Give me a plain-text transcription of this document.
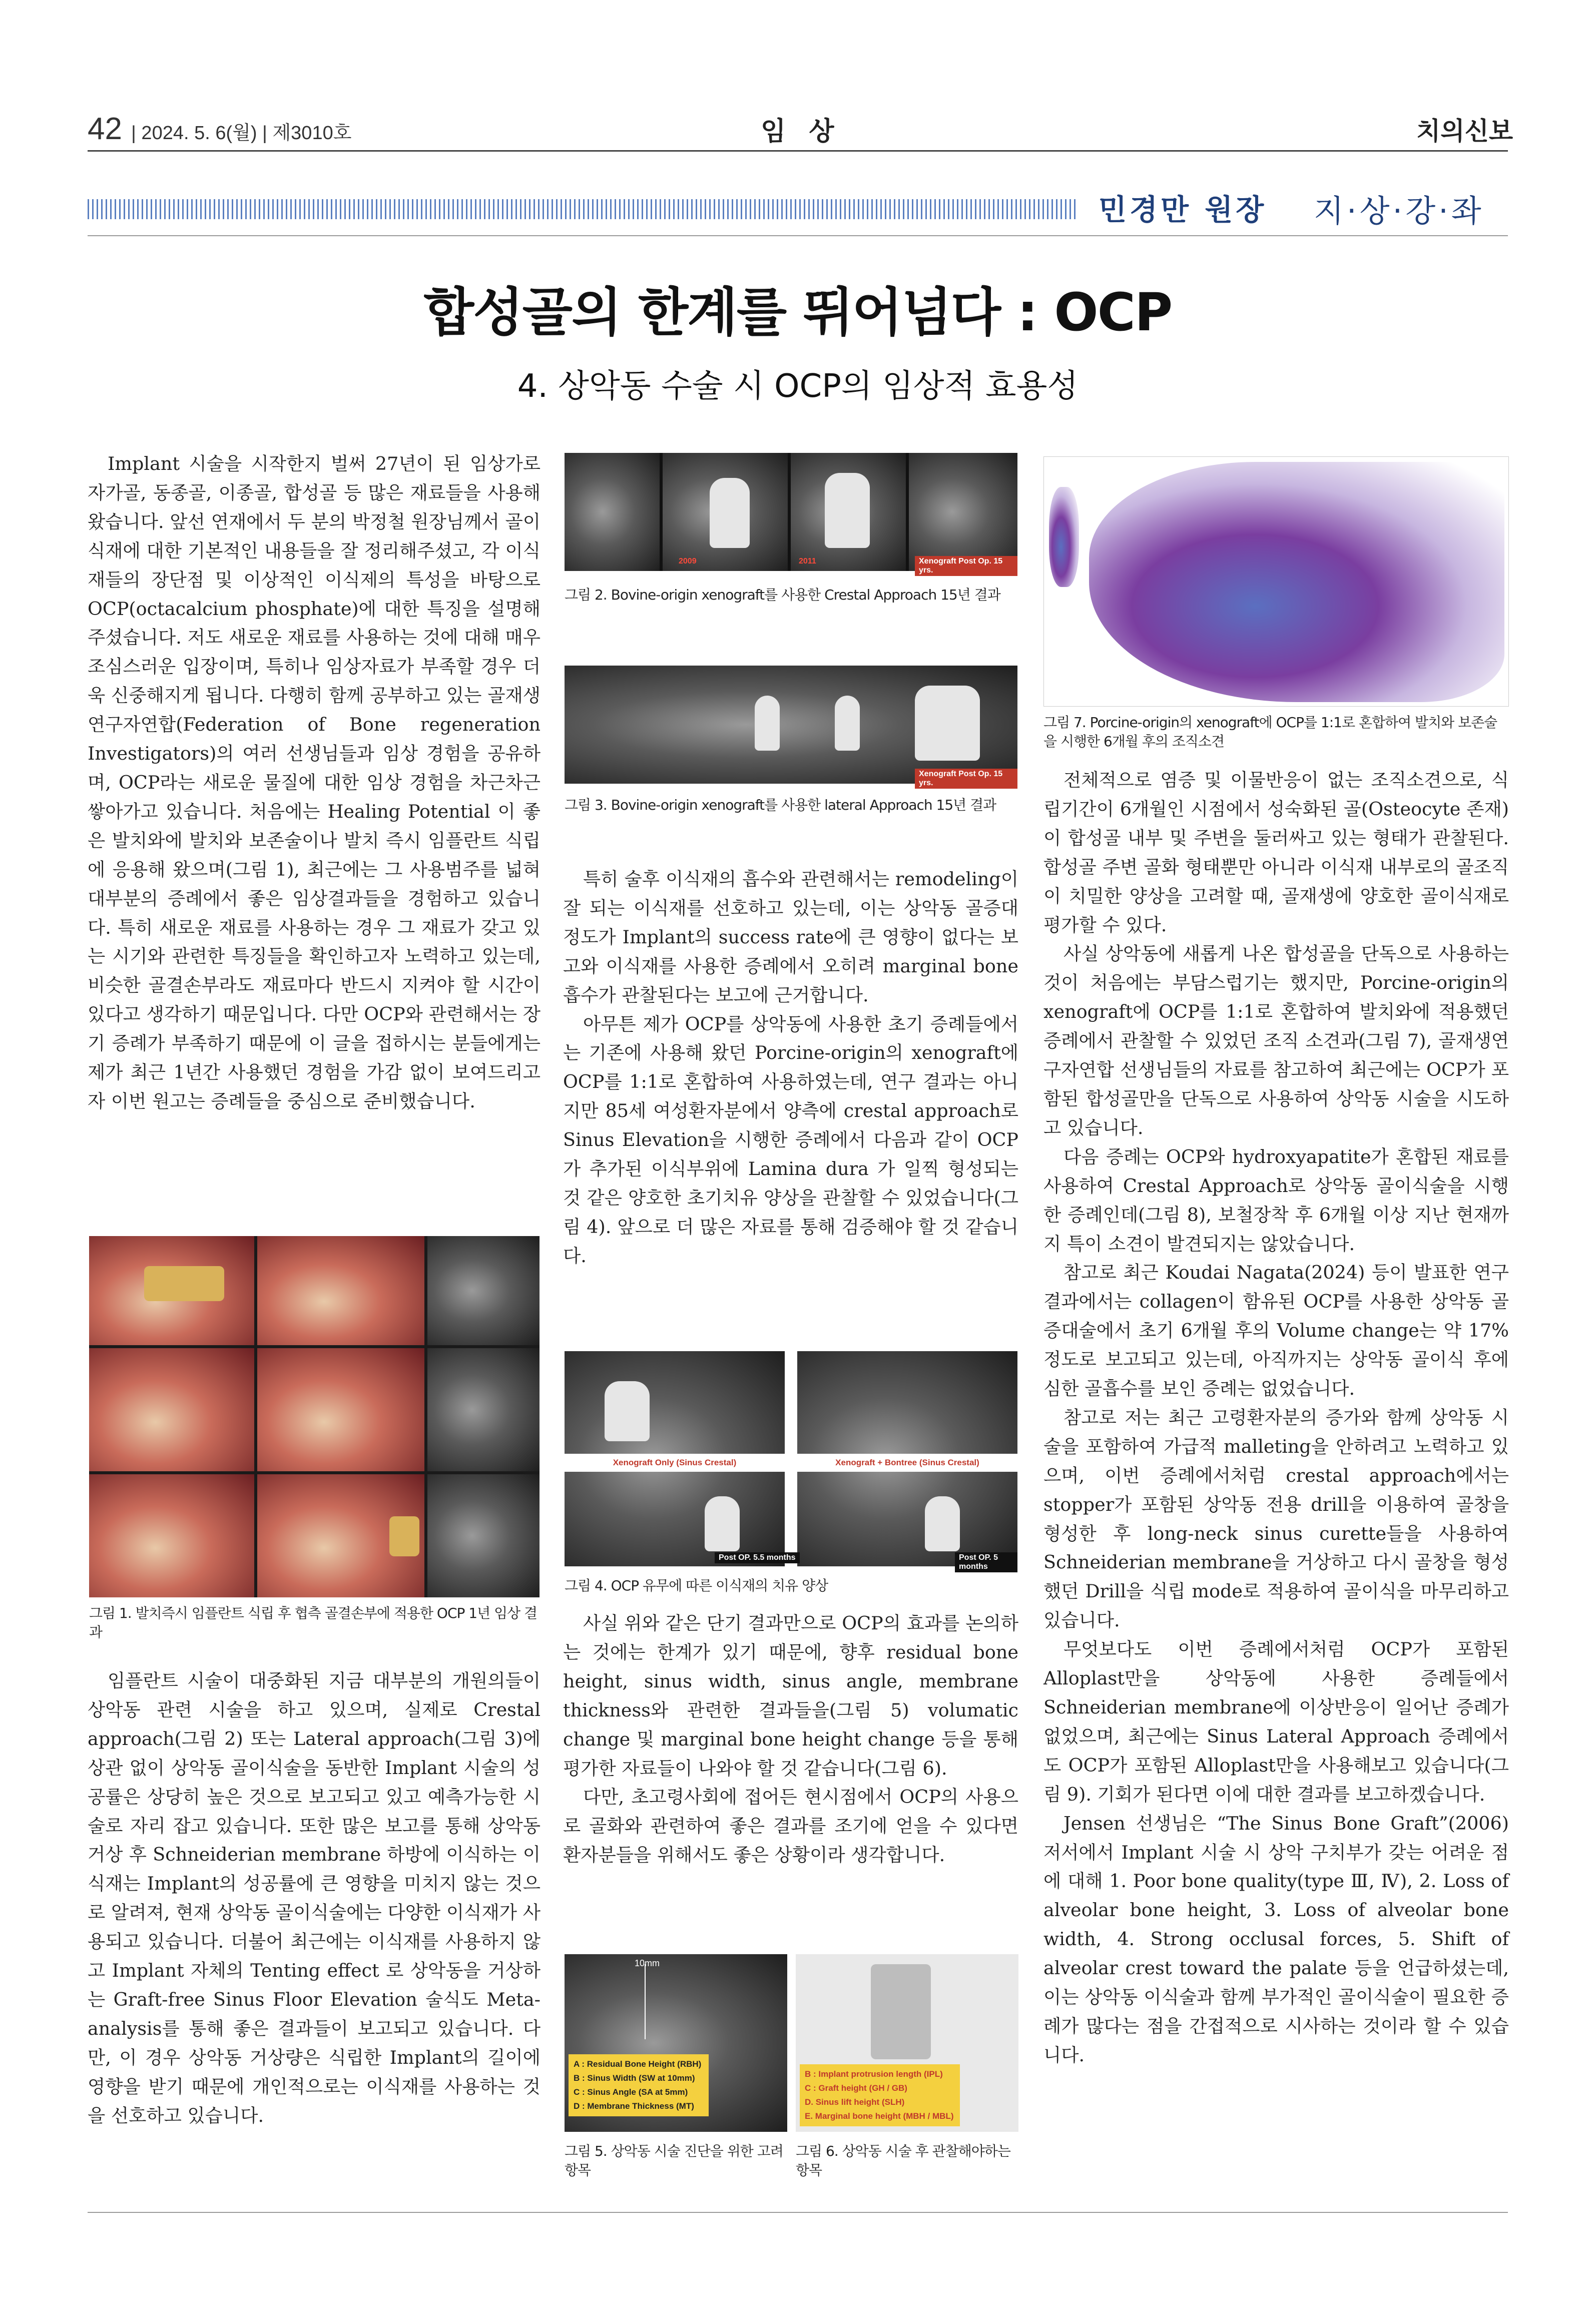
42 | 2024. 5. 6(월) | 제3010호	임 상	치의신보
민경만 원장 지·상·강·좌
합성골의 한계를 뛰어넘다 : OCP
4. 상악동 수술 시 OCP의 임상적 효용성

Implant 시술을 시작한지 벌써 27년이 된 임상가로 자가골, 동종골, 이종골, 합성골 등 많은 재료들을 사용해 왔습니다. 앞선 연재에서 두 분의 박정철 원장님께서 골이식재에 대한 기본적인 내용들을 잘 정리해주셨고, 각 이식재들의 장단점 및 이상적인 이식제의 특성을 바탕으로 OCP(octacalcium phosphate)에 대한 특징을 설명해 주셨습니다. 저도 새로운 재료를 사용하는 것에 대해 매우 조심스러운 입장이며, 특히나 임상자료가 부족할 경우 더욱 신중해지게 됩니다. 다행히 함께 공부하고 있는 골재생연구자연합(Federation of Bone regeneration Investigators)의 여러 선생님들과 임상 경험을 공유하며, OCP라는 새로운 물질에 대한 임상 경험을 차근차근 쌓아가고 있습니다. 처음에는 Healing Potential 이 좋은 발치와에 발치와 보존술이나 발치 즉시 임플란트 식립에 응용해 왔으며(그림 1), 최근에는 그 사용범주를 넓혀 대부분의 증례에서 좋은 임상결과들을 경험하고 있습니다. 특히 새로운 재료를 사용하는 경우 그 재료가 갖고 있는 시기와 관련한 특징들을 확인하고자 노력하고 있는데, 비슷한 골결손부라도 재료마다 반드시 지켜야 할 시간이 있다고 생각하기 때문입니다. 다만 OCP와 관련해서는 장기 증례가 부족하기 때문에 이 글을 접하시는 분들에게는 제가 최근 1년간 사용했던 경험을 가감 없이 보여드리고자 이번 원고는 증례들을 중심으로 준비했습니다.

그림 1. 발치즉시 임플란트 식립 후 협측 골결손부에 적용한 OCP 1년 임상 결과

임플란트 시술이 대중화된 지금 대부분의 개원의들이 상악동 관련 시술을 하고 있으며, 실제로 Crestal approach(그림 2) 또는 Lateral approach(그림 3)에 상관 없이 상악동 골이식술을 동반한 Implant 시술의 성공률은 상당히 높은 것으로 보고되고 있고 예측가능한 시술로 자리 잡고 있습니다. 또한 많은 보고를 통해 상악동 거상 후 Schneiderian membrane 하방에 이식하는 이식재는 Implant의 성공률에 큰 영향을 미치지 않는 것으로 알려져, 현재 상악동 골이식술에는 다양한 이식재가 사용되고 있습니다. 더불어 최근에는 이식재를 사용하지 않고 Implant 자체의 Tenting effect 로 상악동을 거상하는 Graft-free Sinus Floor Elevation 술식도 Meta-analysis를 통해 좋은 결과들이 보고되고 있습니다. 다만, 이 경우 상악동 거상량은 식립한 Implant의 길이에 영향을 받기 때문에 개인적으로는 이식재를 사용하는 것을 선호하고 있습니다.

2009	2011	Xenograft Post Op. 15 yrs.
그림 2. Bovine-origin xenograft를 사용한 Crestal Approach 15년 결과
Xenograft Post Op. 15 yrs.
그림 3. Bovine-origin xenograft를 사용한 lateral Approach 15년 결과

특히 술후 이식재의 흡수와 관련해서는 remodeling이 잘 되는 이식재를 선호하고 있는데, 이는 상악동 골증대 정도가 Implant의 success rate에 큰 영향이 없다는 보고와 이식재를 사용한 증례에서 오히려 marginal bone 흡수가 관찰된다는 보고에 근거합니다.

아무튼 제가 OCP를 상악동에 사용한 초기 증례들에서는 기존에 사용해 왔던 Porcine-origin의 xenograft에 OCP를 1:1로 혼합하여 사용하였는데, 연구 결과는 아니지만 85세 여성환자분에서 양측에 crestal approach로 Sinus Elevation을 시행한 증례에서 다음과 같이 OCP가 추가된 이식부위에 Lamina dura 가 일찍 형성되는 것 같은 양호한 초기치유 양상을 관찰할 수 있었습니다(그림 4). 앞으로 더 많은 자료를 통해 검증해야 할 것 같습니다.

Xenograft Only (Sinus Crestal)	Xenograft + Bontree (Sinus Crestal)
Post OP. 5.5 months	Post OP. 5 months
그림 4. OCP 유무에 따른 이식재의 치유 양상

사실 위와 같은 단기 결과만으로 OCP의 효과를 논의하는 것에는 한계가 있기 때문에, 향후 residual bone height, sinus width, sinus angle, membrane thickness와 관련한 결과들을(그림 5) volumatic change 및 marginal bone height change 등을 통해 평가한 자료들이 나와야 할 것 같습니다(그림 6).

다만, 초고령사회에 접어든 현시점에서 OCP의 사용으로 골화와 관련하여 좋은 결과를 조기에 얻을 수 있다면 환자분들을 위해서도 좋은 상황이라 생각합니다.

10mm
A : Residual Bone Height (RBH)
B : Sinus Width (SW at 10mm)
C : Sinus Angle (SA at 5mm)
D : Membrane Thickness (MT)
그림 5. 상악동 시술 진단을 위한 고려항목
B : Implant protrusion length (IPL)
C : Graft height (GH / GB)
D. Sinus lift height (SLH)
E. Marginal bone height (MBH / MBL)
그림 6. 상악동 시술 후 관찰해야하는 항목
그림 7. Porcine-origin의 xenograft에 OCP를 1:1로 혼합하여 발치와 보존술을 시행한 6개월 후의 조직소견

전체적으로 염증 및 이물반응이 없는 조직소견으로, 식립기간이 6개월인 시점에서 성숙화된 골(Osteocyte 존재)이 합성골 내부 및 주변을 둘러싸고 있는 형태가 관찰된다. 합성골 주변 골화 형태뿐만 아니라 이식재 내부로의 골조직이 치밀한 양상을 고려할 때, 골재생에 양호한 골이식재로 평가할 수 있다.

사실 상악동에 새롭게 나온 합성골을 단독으로 사용하는 것이 처음에는 부담스럽기는 했지만, Porcine-origin의 xenograft에 OCP를 1:1로 혼합하여 발치와에 적용했던 증례에서 관찰할 수 있었던 조직 소견과(그림 7), 골재생연구자연합 선생님들의 자료를 참고하여 최근에는 OCP가 포함된 합성골만을 단독으로 사용하여 상악동 시술을 시도하고 있습니다.

다음 증례는 OCP와 hydroxyapatite가 혼합된 재료를 사용하여 Crestal Approach로 상악동 골이식술을 시행한 증례인데(그림 8), 보철장착 후 6개월 이상 지난 현재까지 특이 소견이 발견되지는 않았습니다.

참고로 최근 Koudai Nagata(2024) 등이 발표한 연구결과에서는 collagen이 함유된 OCP를 사용한 상악동 골증대술에서 초기 6개월 후의 Volume change는 약 17%정도로 보고되고 있는데, 아직까지는 상악동 골이식 후에 심한 골흡수를 보인 증례는 없었습니다.

참고로 저는 최근 고령환자분의 증가와 함께 상악동 시술을 포함하여 가급적 malleting을 안하려고 노력하고 있으며, 이번 증례에서처럼 crestal approach에서는 stopper가 포함된 상악동 전용 drill을 이용하여 골창을 형성한 후 long-neck sinus curette들을 사용하여 Schneiderian membrane을 거상하고 다시 골창을 형성했던 Drill을 식립 mode로 적용하여 골이식을 마무리하고 있습니다.

무엇보다도 이번 증례에서처럼 OCP가 포함된 Alloplast만을 상악동에 사용한 증례들에서 Schneiderian membrane에 이상반응이 일어난 증례가 없었으며, 최근에는 Sinus Lateral Approach 증례에서도 OCP가 포함된 Alloplast만을 사용해보고 있습니다(그림 9). 기회가 된다면 이에 대한 결과를 보고하겠습니다.

Jensen 선생님은 “The Sinus Bone Graft”(2006) 저서에서 Implant 시술 시 상악 구치부가 갖는 어려운 점에 대해 1. Poor bone quality(type Ⅲ, Ⅳ), 2. Loss of alveolar bone height, 3. Loss of alveolar bone width, 4. Strong occlusal forces, 5. Shift of alveolar crest toward the palate 등을 언급하셨는데, 이는 상악동 이식술과 함께 부가적인 골이식술이 필요한 증례가 많다는 점을 간접적으로 시사하는 것이라 할 수 있습니다.
